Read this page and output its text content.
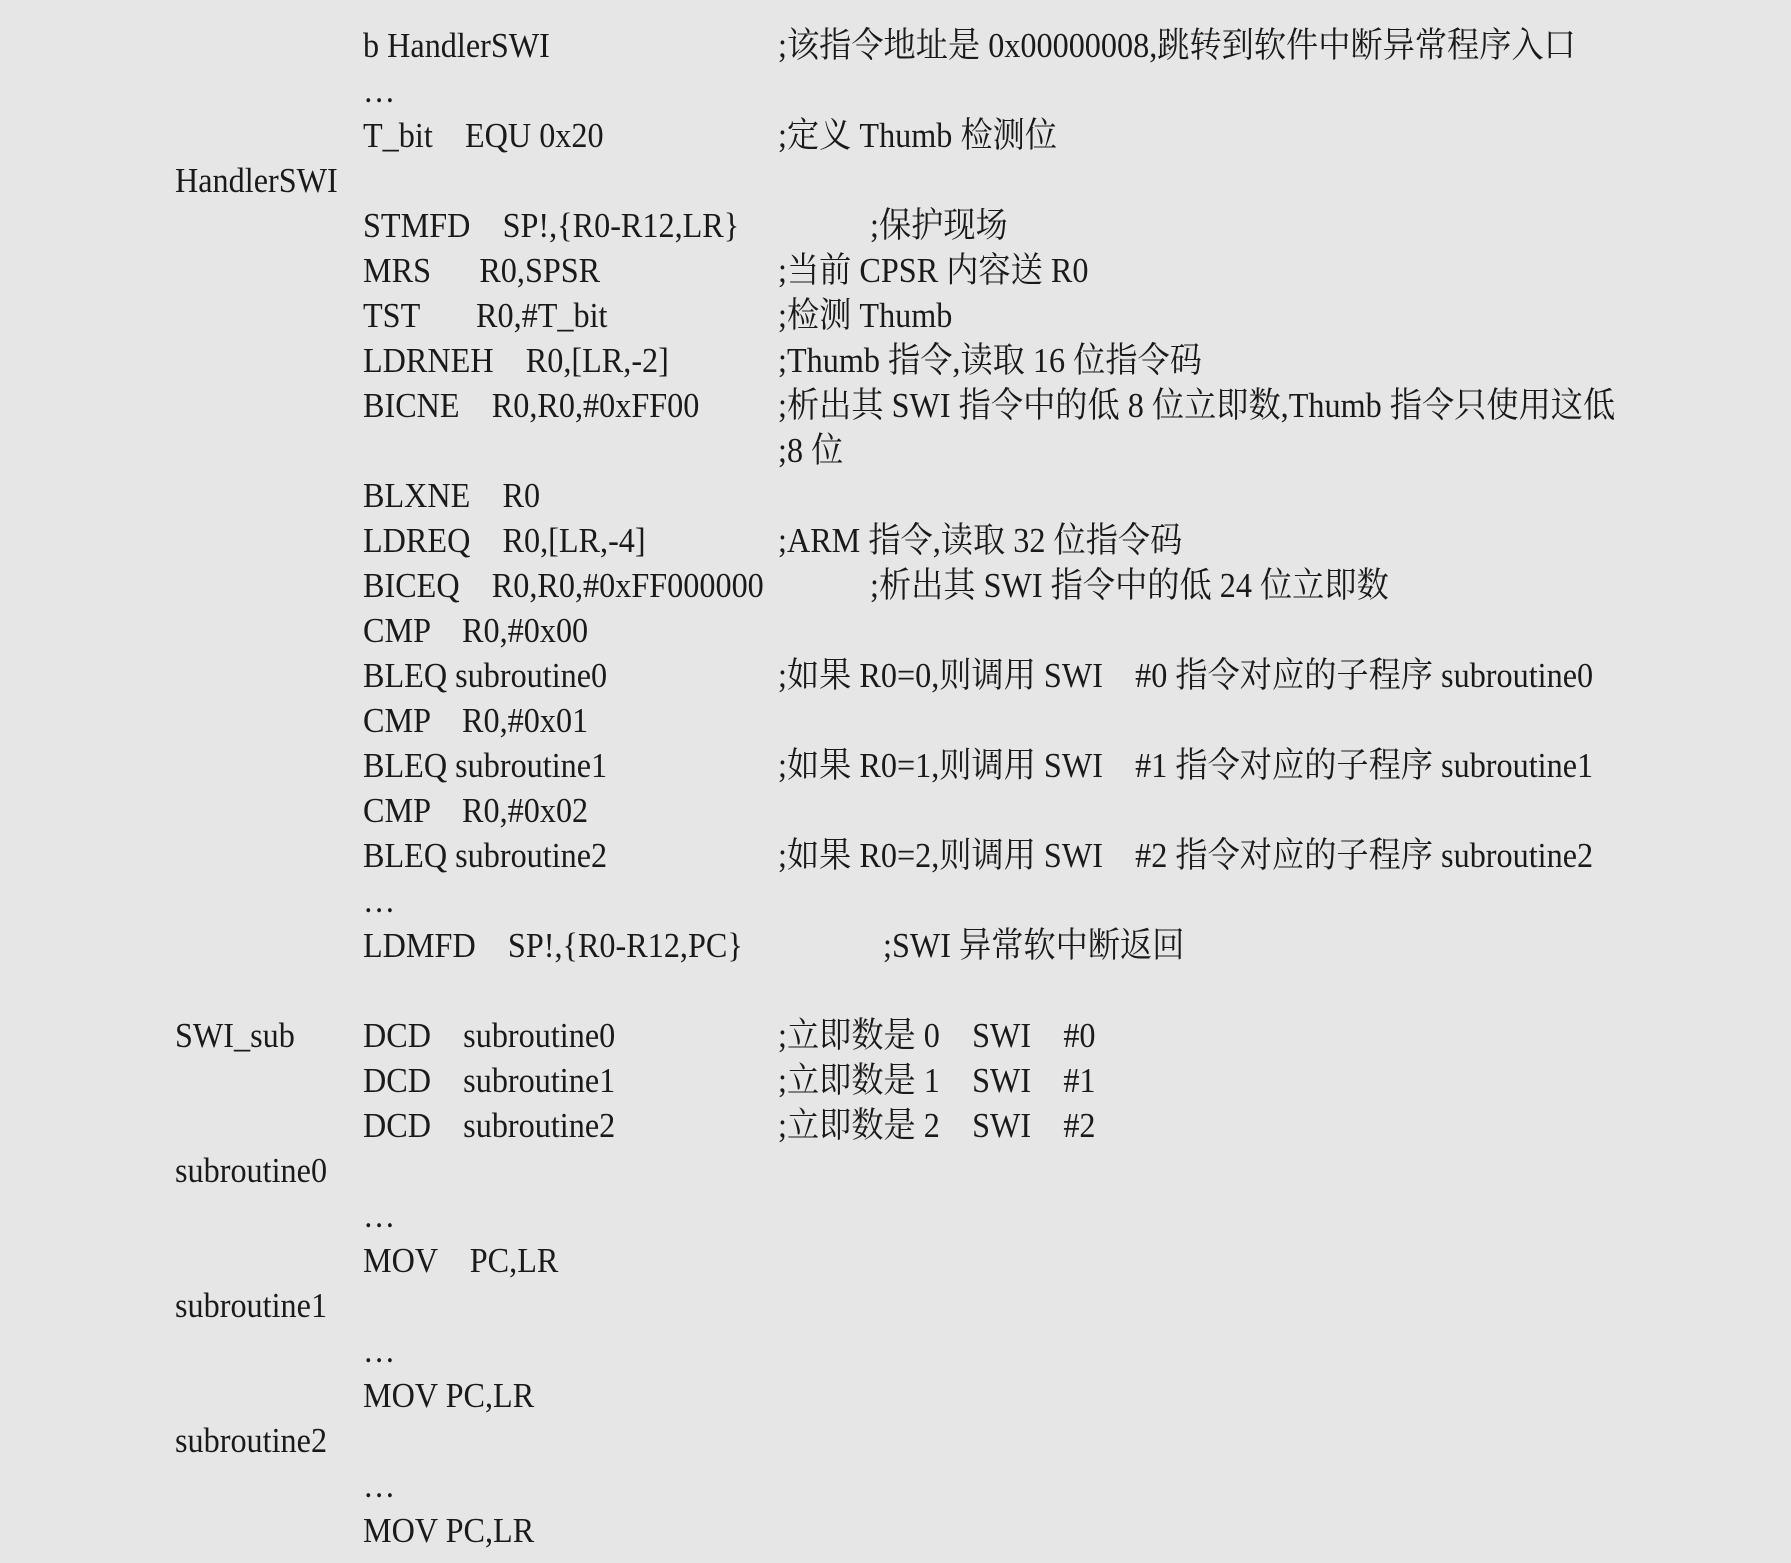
b HandlerSWI	;该指令地址是 0x00000008,跳转到软件中断异常程序入口
…
T_bit    EQU 0x20	;定义 Thumb 检测位
HandlerSWI
STMFD    SP!,{R0-R12,LR}	;保护现场
MRS      R0,SPSR	;当前 CPSR 内容送 R0
TST       R0,#T_bit	;检测 Thumb
LDRNEH    R0,[LR,-2]	;Thumb 指令,读取 16 位指令码
BICNE    R0,R0,#0xFF00 ;析出其 SWI 指令中的低 8 位立即数,Thumb 指令只使用这低
;8 位
BLXNE    R0
LDREQ    R0,[LR,-4]	;ARM 指令,读取 32 位指令码
BICEQ    R0,R0,#0xFF000000	;析出其 SWI 指令中的低 24 位立即数
CMP    R0,#0x00
BLEQ subroutine0	;如果 R0=0,则调用 SWI    #0 指令对应的子程序 subroutine0
CMP    R0,#0x01
BLEQ subroutine1	;如果 R0=1,则调用 SWI    #1 指令对应的子程序 subroutine1
CMP    R0,#0x02
BLEQ subroutine2	;如果 R0=2,则调用 SWI    #2 指令对应的子程序 subroutine2
…
LDMFD    SP!,{R0-R12,PC}	;SWI 异常软中断返回
SWI_sub DCD    subroutine0	;立即数是 0    SWI    #0
DCD    subroutine1	;立即数是 1    SWI    #1
DCD    subroutine2	;立即数是 2    SWI    #2
subroutine0
…
MOV    PC,LR
subroutine1
…
MOV PC,LR
subroutine2
…
MOV PC,LR
